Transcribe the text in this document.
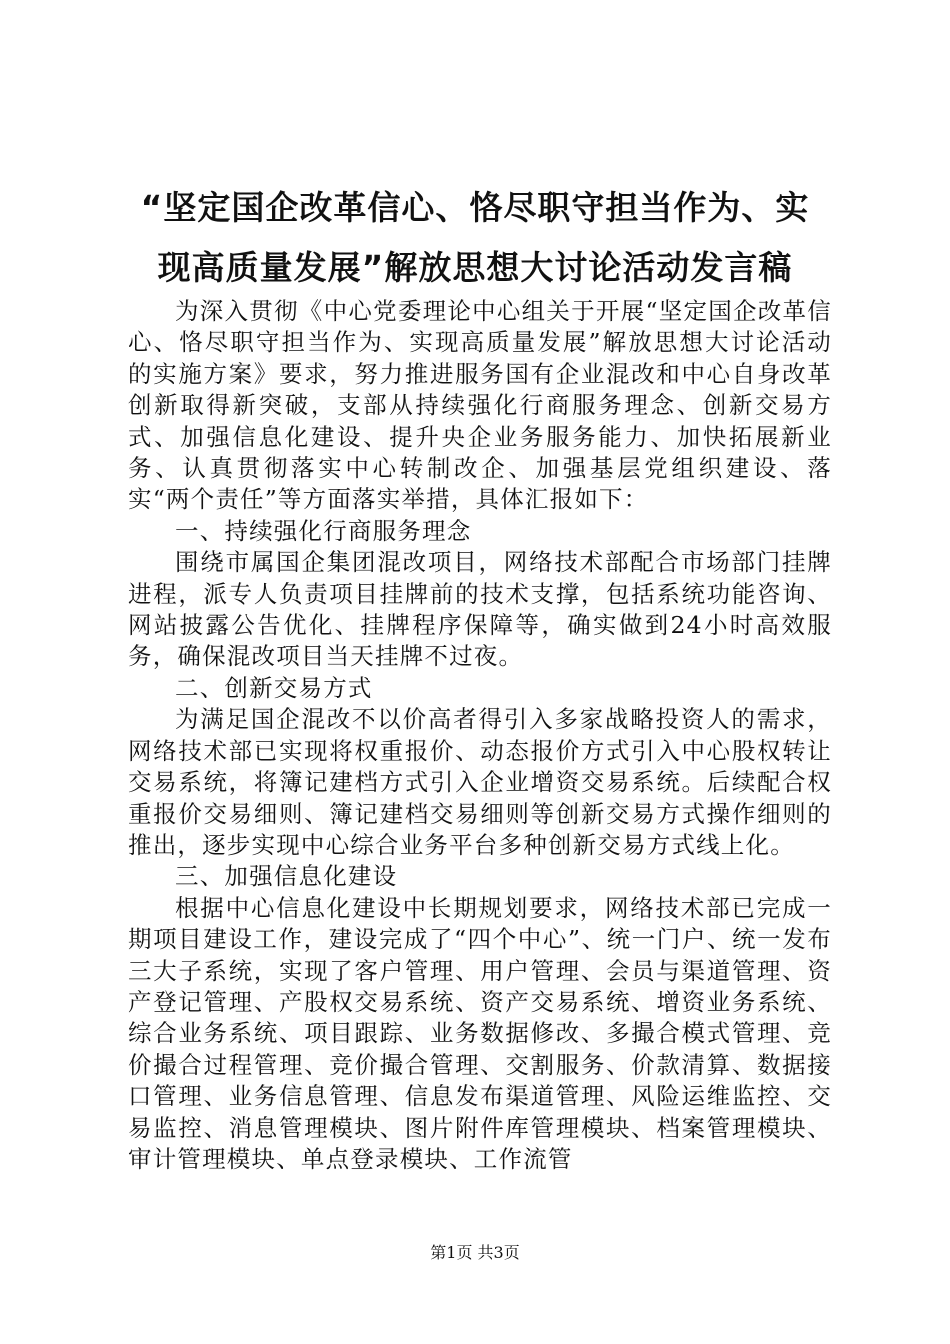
“坚定国企改革信心、恪尽职守担当作为、实
现高质量发展”解放思想大讨论活动发言稿

为深入贯彻《中心党委理论中心组关于开展“坚定国企改革信心、恪尽职守担当作为、实现高质量发展”解放思想大讨论活动的实施方案》要求，努力推进服务国有企业混改和中心自身改革创新取得新突破，支部从持续强化行商服务理念、创新交易方式、加强信息化建设、提升央企业务服务能力、加快拓展新业务、认真贯彻落实中心转制改企、加强基层党组织建设、落实“两个责任”等方面落实举措，具体汇报如下：

一、持续强化行商服务理念

围绕市属国企集团混改项目，网络技术部配合市场部门挂牌进程，派专人负责项目挂牌前的技术支撑，包括系统功能咨询、网站披露公告优化、挂牌程序保障等，确实做到24小时高效服务，确保混改项目当天挂牌不过夜。

二、创新交易方式

为满足国企混改不以价高者得引入多家战略投资人的需求，网络技术部已实现将权重报价、动态报价方式引入中心股权转让交易系统，将簿记建档方式引入企业增资交易系统。后续配合权重报价交易细则、簿记建档交易细则等创新交易方式操作细则的推出，逐步实现中心综合业务平台多种创新交易方式线上化。

三、加强信息化建设

根据中心信息化建设中长期规划要求，网络技术部已完成一期项目建设工作，建设完成了“四个中心”、统一门户、统一发布三大子系统，实现了客户管理、用户管理、会员与渠道管理、资产登记管理、产股权交易系统、资产交易系统、增资业务系统、综合业务系统、项目跟踪、业务数据修改、多撮合模式管理、竞价撮合过程管理、竞价撮合管理、交割服务、价款清算、数据接口管理、业务信息管理、信息发布渠道管理、风险运维监控、交易监控、消息管理模块、图片附件库管理模块、档案管理模块、审计管理模块、单点登录模块、工作流管

第1页 共3页
